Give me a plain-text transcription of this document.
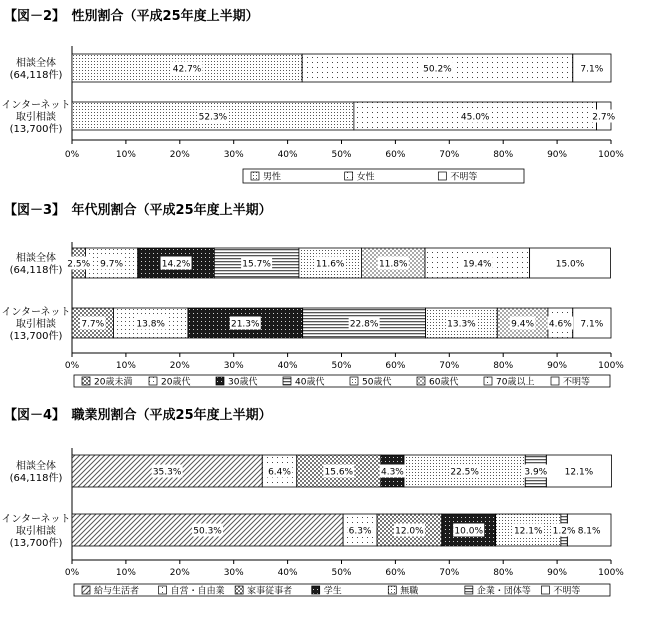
【図－2】　性別割合（平成25年度上半期）
0%	10%	20%	30%	40%	50%	60%	70%	80%	90%	100%
相談全体
(64,118件)
42.7%	50.2%	7.1%
インターネット
取引相談
(13,700件)
52.3%	45.0%	2.7%
男性	女性	不明等
【図－3】　年代別割合（平成25年度上半期）
0%	10%	20%	30%	40%	50%	60%	70%	80%	90%	100%
相談全体
(64,118件)
2.5% 9.7%	14.2%	15.7%	11.6%	11.8%	19.4%	15.0%
インターネット
取引相談
(13,700件)
7.7%	13.8%	21.3%	22.8%	13.3%	9.4% 4.6% 7.1%
20歳未満	20歳代	30歳代	40歳代	50歳代	60歳代	70歳以上	不明等
【図－4】　職業別割合（平成25年度上半期）
0%	10%	20%	30%	40%	50%	60%	70%	80%	90%	100%
相談全体
(64,118件)
35.3%	6.4%	15.6%	4.3%	22.5%	3.9% 12.1%
インターネット
取引相談
(13,700件)
50.3%	6.3%	12.0%	10.0%	12.1% 1.2% 8.1%
給与生活者	自営・自由業	家事従事者	学生	無職	企業・団体等	不明等
